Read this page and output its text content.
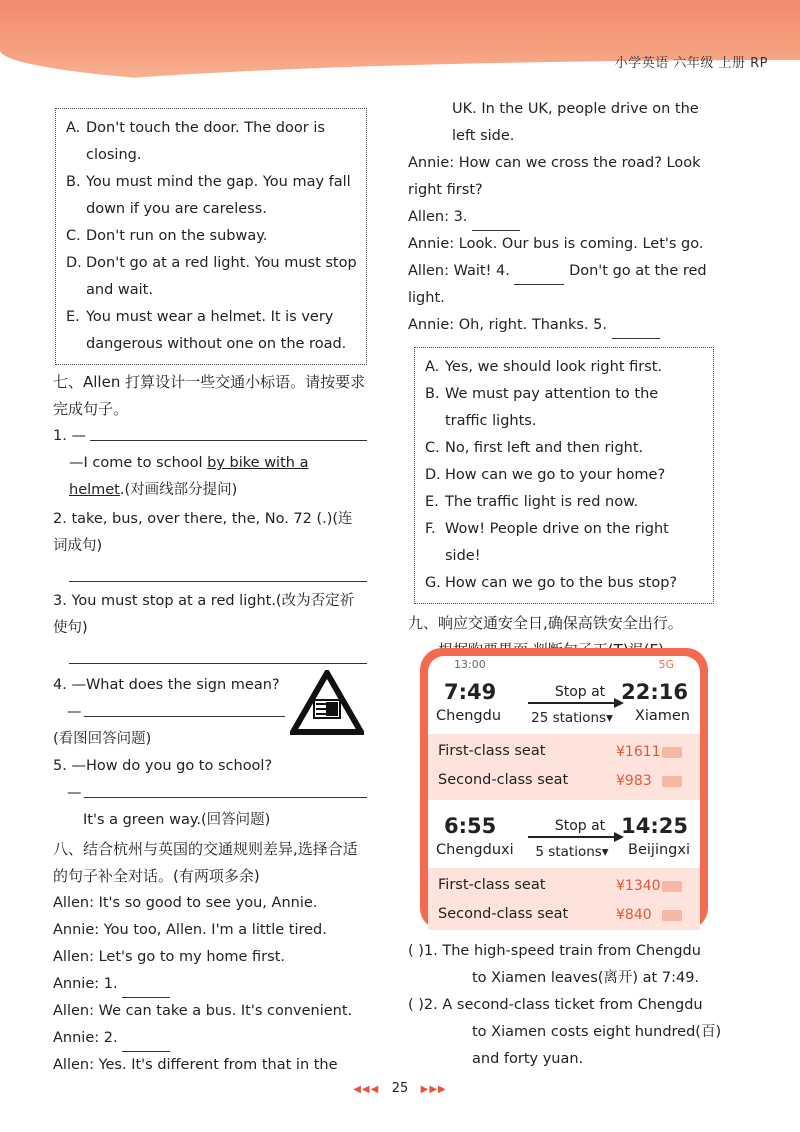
小学英语 六年级 上册 RP
A. Don't touch the door. The door is closing.
B. You must mind the gap. You may fall down if you are careless.
C. Don't run on the subway.
D. Don't go at a red light. You must stop and wait.
E. You must wear a helmet. It is very dangerous without one on the road.
七、Allen 打算设计一些交通小标语。请按要求完成句子。
1. —
—I come to school by bike with a helmet.(对画线部分提问)
2. take, bus, over there, the, No. 72 (.)(连词成句)
3. You must stop at a red light.(改为否定祈使句)
4. —What does the sign mean?
—
(看图回答问题)
5. —How do you go to school?
—
It's a green way.(回答问题)
八、结合杭州与英国的交通规则差异,选择合适的句子补全对话。(有两项多余)
Allen: It's so good to see you, Annie.
Annie: You too, Allen. I'm a little tired.
Allen: Let's go to my home first.
Annie: 1.
Allen: We can take a bus. It's convenient.
Annie: 2.
Allen: Yes. It's different from that in the
UK. In the UK, people drive on the left side.
Annie: How can we cross the road? Look right first?
Allen: 3.
Annie: Look. Our bus is coming. Let's go.
Allen: Wait! 4.	Don't go at the red light.
Annie: Oh, right. Thanks. 5.
A. Yes, we should look right first.
B. We must pay attention to the traffic lights.
C. No, first left and then right.
D. How can we go to your home?
E. The traffic light is red now.
F. Wow! People drive on the right side!
G. How can we go to the bus stop?
九、响应交通安全日,确保高铁安全出行。
13:00	5G
7:49	Stop at 22:16
Chengdu	25 stations▾	Xiamen
First-class seat	¥1611
Second-class seat	¥983
6:55	Stop at 14:25
Chengduxi	5 stations▾	Beijingxi
First-class seat	¥1340
Second-class seat	¥840
( )1. The high-speed train from Chengdu
to Xiamen leaves(离开) at 7:49.
( )2. A second-class ticket from Chengdu
to Xiamen costs eight hundred(百)
and forty yuan.
◀◀◀ 25 ▶▶▶
